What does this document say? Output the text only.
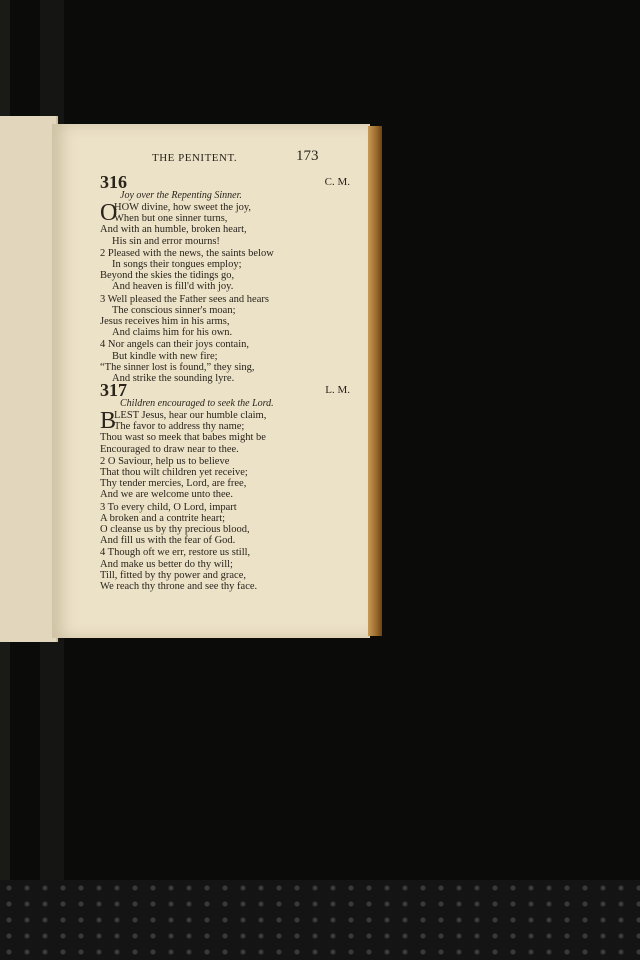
THE PENITENT.	173
316	C. M.
Joy over the Repenting Sinner.
O
HOW divine, how sweet the joy,
When but one sinner turns,
And with an humble, broken heart,
His sin and error mourns!
2 Pleased with the news, the saints below
In songs their tongues employ;
Beyond the skies the tidings go,
And heaven is fill'd with joy.
3 Well pleased the Father sees and hears
The conscious sinner's moan;
Jesus receives him in his arms,
And claims him for his own.
4 Nor angels can their joys contain,
But kindle with new fire;
“The sinner lost is found,” they sing,
And strike the sounding lyre.
317	L. M.
Children encouraged to seek the Lord.
B
LEST Jesus, hear our humble claim,
The favor to address thy name;
Thou wast so meek that babes might be
Encouraged to draw near to thee.
2 O Saviour, help us to believe
That thou wilt children yet receive;
Thy tender mercies, Lord, are free,
And we are welcome unto thee.
3 To every child, O Lord, impart
A broken and a contrite heart;
O cleanse us by thy precious blood,
And fill us with the fear of God.
4 Though oft we err, restore us still,
And make us better do thy will;
Till, fitted by thy power and grace,
We reach thy throne and see thy face.
